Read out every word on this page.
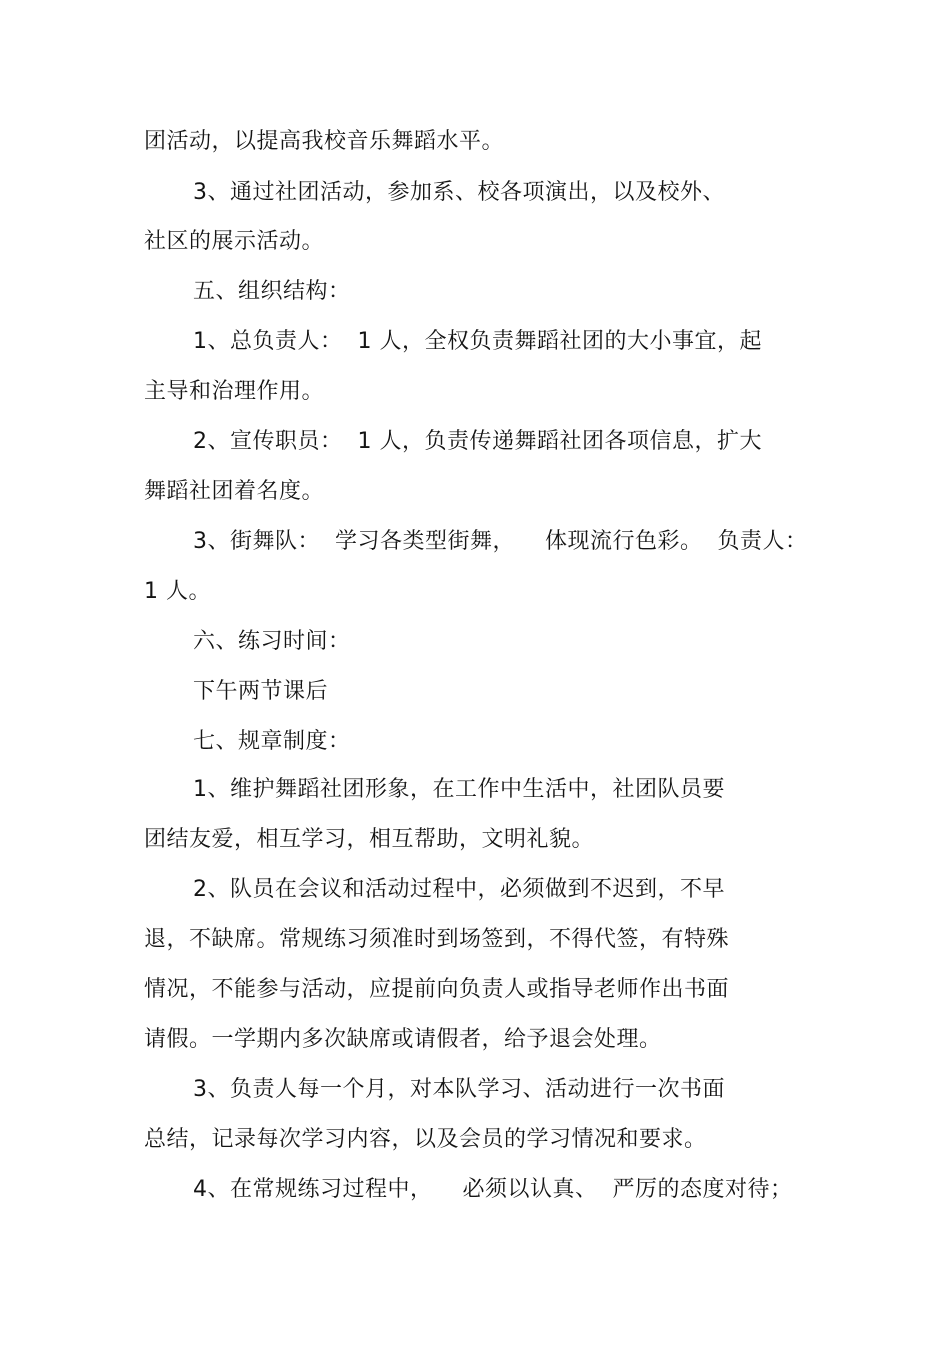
团活动，以提高我校音乐舞蹈水平。
3、通过社团活动，参加系、校各项演出，以及校外、
社区的展示活动。
五、组织结构：
1、总负责人：  1 人，全权负责舞蹈社团的大小事宜，起
主导和治理作用。
2、宣传职员：  1 人，负责传递舞蹈社团各项信息，扩大
舞蹈社团着名度。
3、街舞队：  学习各类型街舞，    体现流行色彩。  负责人：
1 人。
六、练习时间：
下午两节课后
七、规章制度：
1、维护舞蹈社团形象，在工作中生活中，社团队员要
团结友爱，相互学习，相互帮助，文明礼貌。
2、队员在会议和活动过程中，必须做到不迟到，不早
退，不缺席。常规练习须准时到场签到，不得代签，有特殊
情况，不能参与活动，应提前向负责人或指导老师作出书面
请假。一学期内多次缺席或请假者，给予退会处理。
3、负责人每一个月，对本队学习、活动进行一次书面
总结，记录每次学习内容，以及会员的学习情况和要求。
4、在常规练习过程中，    必须以认真、  严厉的态度对待；
